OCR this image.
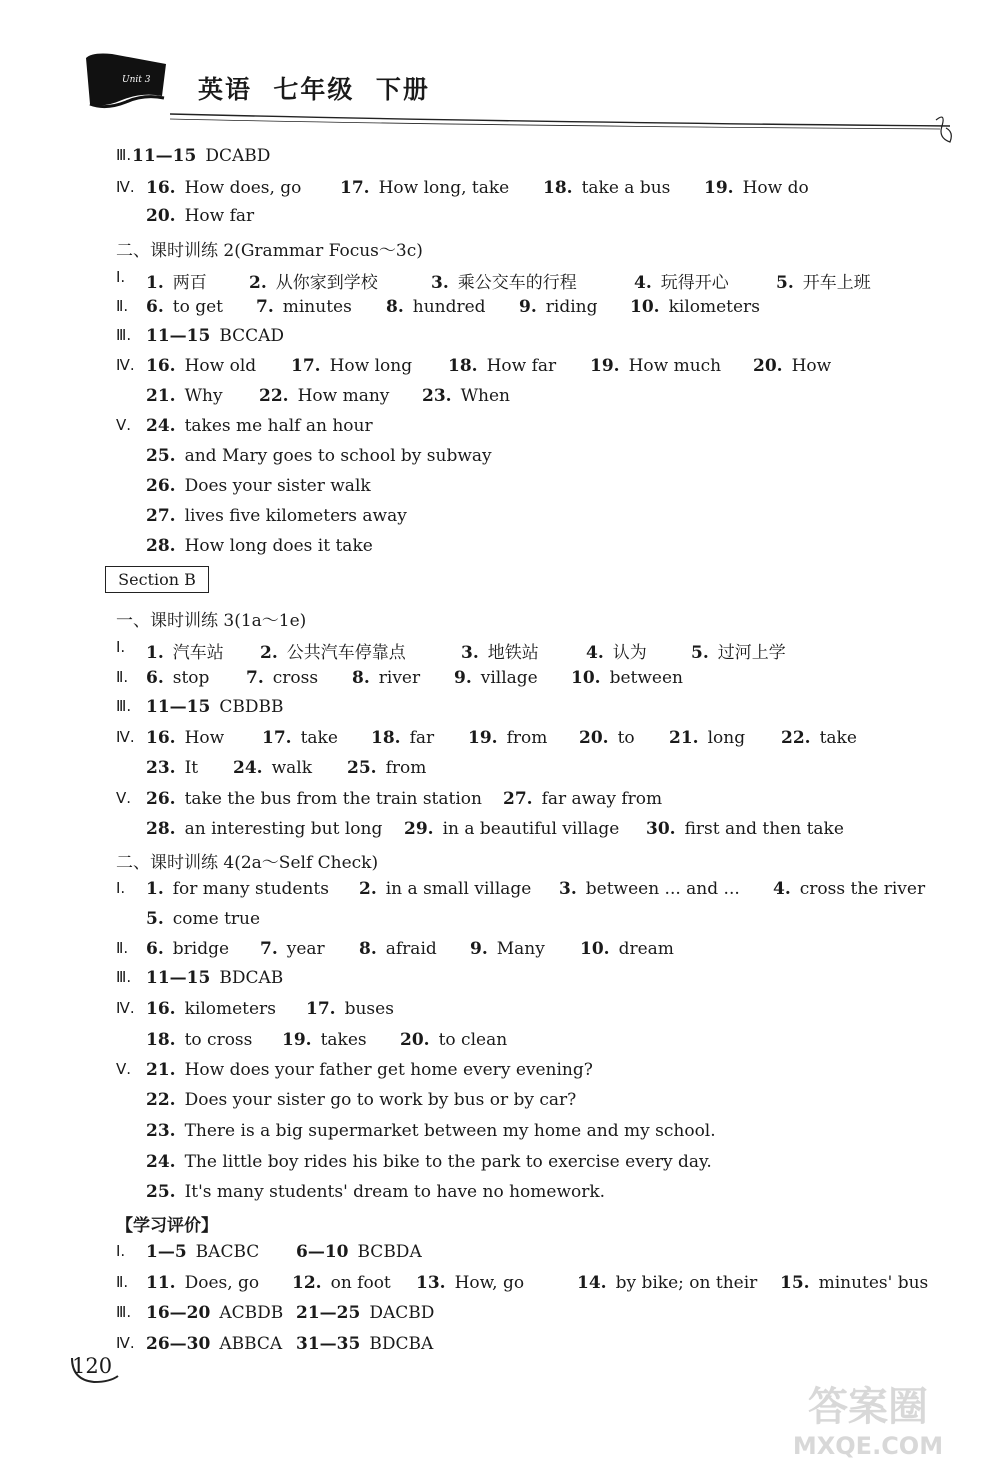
Unit 3 英语  七年级  下册
Ⅲ. 11—15 DCABD
Ⅳ. 16. How does, go 17. How long, take 18. take a bus 19. How do
20. How far
二、课时训练 2(Grammar Focus～3c)
Ⅰ. 1. 两百 2. 从你家到学校	3. 乘公交车的行程	4. 玩得开心	5. 开车上班
Ⅱ. 6. to get 7. minutes 8. hundred 9. riding 10. kilometers
Ⅲ. 11—15 BCCAD
Ⅳ. 16. How old 17. How long 18. How far 19. How much 20. How
21. Why 22. How many 23. When
Ⅴ. 24. takes me half an hour
25. and Mary goes to school by subway
26. Does your sister walk
27. lives five kilometers away
28. How long does it take
一、课时训练 3(1a～1e)
Ⅰ. 1. 汽车站 2. 公共汽车停靠点	3. 地铁站	4. 认为	5. 过河上学
Ⅱ. 6. stop 7. cross 8. river 9. village 10. between
Ⅲ. 11—15 CBDBB
Ⅳ. 16. How 17. take 18. far 19. from 20. to 21. long 22. take
23. It 24. walk 25. from
Ⅴ. 26. take the bus from the train station 27. far away from
28. an interesting but long 29. in a beautiful village 30. first and then take
二、课时训练 4(2a～Self Check)
Ⅰ. 1. for many students 2. in a small village 3. between ... and ... 4. cross the river
5. come true
Ⅱ. 6. bridge 7. year 8. afraid 9. Many 10. dream
Ⅲ. 11—15 BDCAB
Ⅳ. 16. kilometers 17. buses
18. to cross 19. takes 20. to clean
Ⅴ. 21. How does your father get home every evening?
22. Does your sister go to work by bus or by car?
23. There is a big supermarket between my home and my school.
24. The little boy rides his bike to the park to exercise every day.
25. It's many students' dream to have no homework.
【学习评价】
Ⅰ. 1—5 BACBC 6—10 BCBDA
Ⅱ. 11. Does, go 12. on foot 13. How, go	14. by bike; on their 15. minutes' bus
Ⅲ. 16—20 ACBDB 21—25 DACBD
Ⅳ. 26—30 ABBCA 31—35 BDCBA
Section B
120
答案圈
MXQE.COM
